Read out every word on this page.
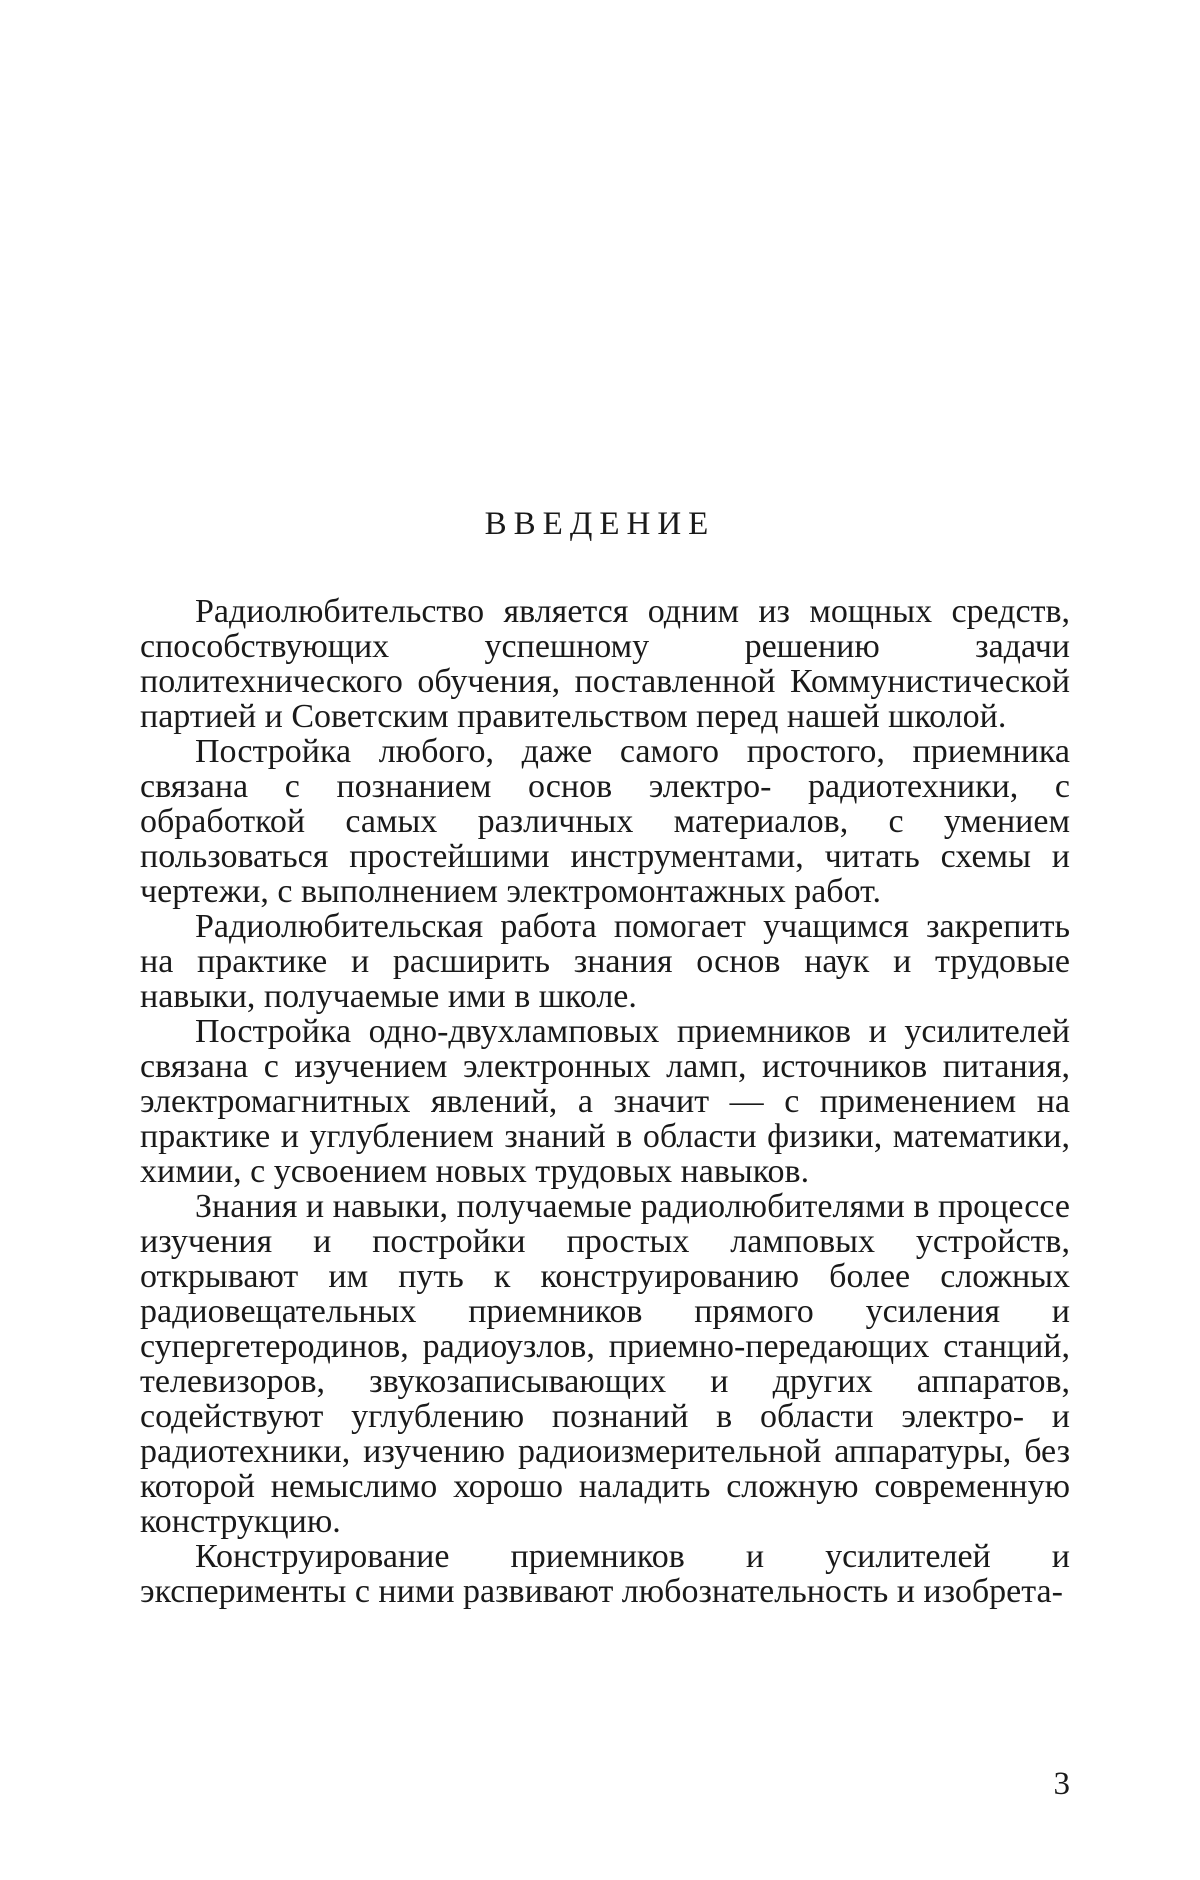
ВВЕДЕНИЕ

Радиолюбительство является одним из мощных средств, способствующих успешному решению задачи политехнического обучения, поставленной Коммунистической партией и Советским правительством перед нашей школой.

Постройка любого, даже самого простого, приемника связана с познанием основ электро- радиотехники, с обработкой самых различных материалов, с умением пользоваться простейшими инструментами, читать схемы и чертежи, с выполнением электромонтажных работ.

Радиолюбительская работа помогает учащимся закрепить на практике и расширить знания основ наук и трудовые навыки, получаемые ими в школе.

Постройка одно-двухламповых приемников и усилителей связана с изучением электронных ламп, источников питания, электромагнитных явлений, а значит — с применением на практике и углублением знаний в области физики, математики, химии, с усвоением новых трудовых навыков.

Знания и навыки, получаемые радиолюбителями в процессе изучения и постройки простых ламповых устройств, открывают им путь к конструированию более сложных радиовещательных приемников прямого усиления и супергетеродинов, радиоузлов, приемно-передающих станций, телевизоров, звукозаписывающих и других аппаратов, содействуют углублению познаний в области электро- и радиотехники, изучению радиоизмерительной аппаратуры, без которой немыслимо хорошо наладить сложную современную конструкцию.

Конструирование приемников и усилителей и эксперименты с ними развивают любознательность и изобрета-

3
